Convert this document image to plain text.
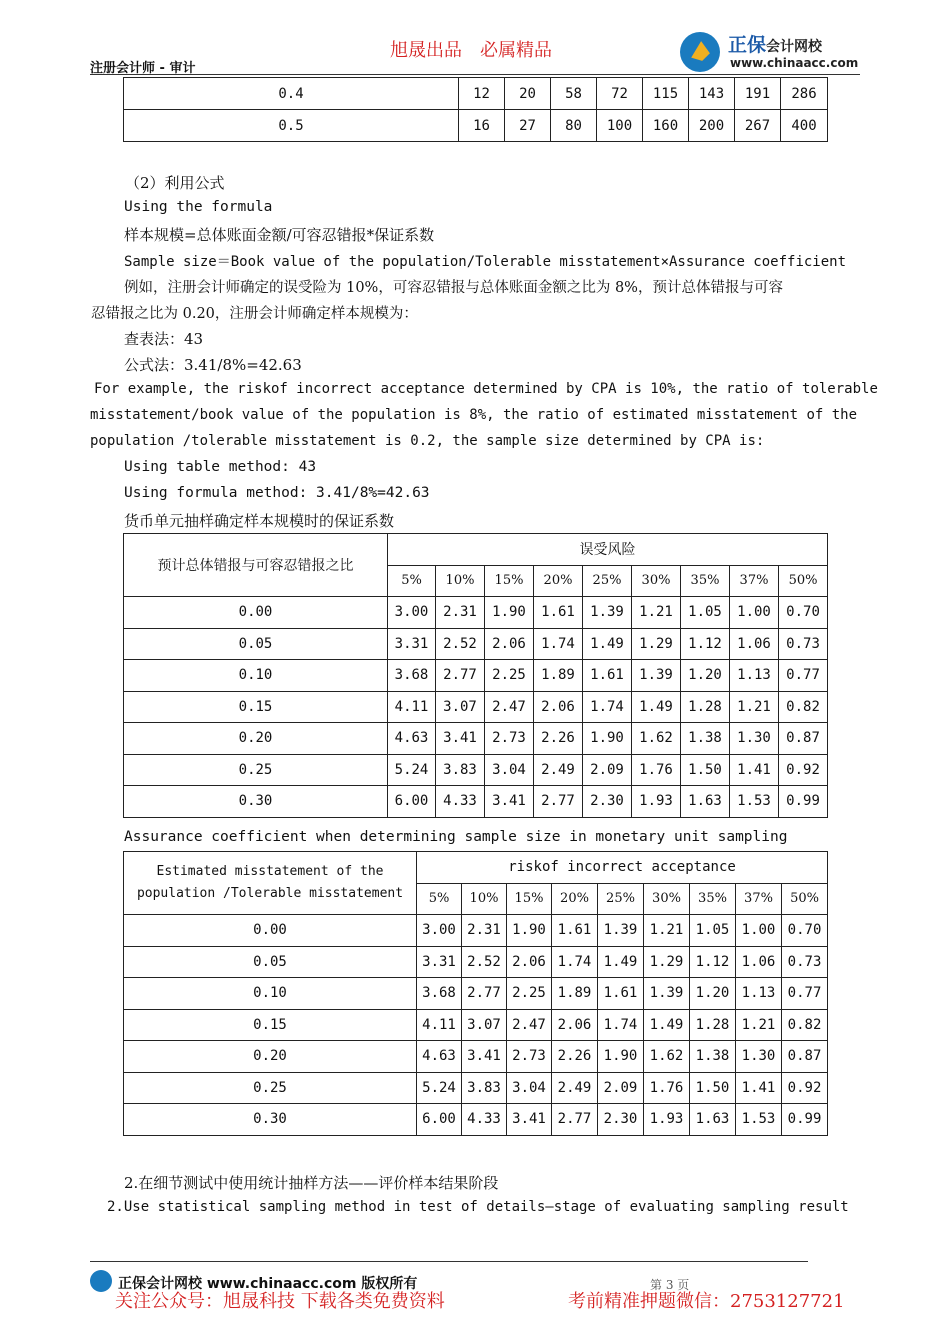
注册会计师 - 审计
旭晟出品　必属精品	正保会计网校
www.chinaacc.com
0.4	12	20	58	72	115	143	191	286
0.5	16	27	80	100	160	200	267	400
（2）利用公式
Using the formula
样本规模=总体账面金额/可容忍错报*保证系数
Sample size＝Book value of the population/Tolerable misstatement×Assurance coefficient
例如，注册会计师确定的误受险为 10%，可容忍错报与总体账面金额之比为 8%，预计总体错报与可容
忍错报之比为 0.20，注册会计师确定样本规模为：
查表法：43
公式法：3.41/8%=42.63
For example, the riskof incorrect acceptance determined by CPA is 10%, the ratio of tolerable
misstatement/book value of the population is 8%, the ratio of estimated misstatement of the
population /tolerable misstatement is 0.2, the sample size determined by CPA is:
Using table method: 43
Using formula method: 3.41/8%=42.63
货币单元抽样确定样本规模时的保证系数
预计总体错报与可容忍错报之比	误受风险								
	5%	10%	15%	20%	25%	30%	35%	37%	50%
0.00	3.00	2.31	1.90	1.61	1.39	1.21	1.05	1.00	0.70
0.05	3.31	2.52	2.06	1.74	1.49	1.29	1.12	1.06	0.73
0.10	3.68	2.77	2.25	1.89	1.61	1.39	1.20	1.13	0.77
0.15	4.11	3.07	2.47	2.06	1.74	1.49	1.28	1.21	0.82
0.20	4.63	3.41	2.73	2.26	1.90	1.62	1.38	1.30	0.87
0.25	5.24	3.83	3.04	2.49	2.09	1.76	1.50	1.41	0.92
0.30	6.00	4.33	3.41	2.77	2.30	1.93	1.63	1.53	0.99
Assurance coefficient when determining sample size in monetary unit sampling
Estimated misstatement of the
population /Tolerable misstatement	riskof incorrect acceptance								
	5%	10%	15%	20%	25%	30%	35%	37%	50%
0.00	3.00	2.31	1.90	1.61	1.39	1.21	1.05	1.00	0.70
0.05	3.31	2.52	2.06	1.74	1.49	1.29	1.12	1.06	0.73
0.10	3.68	2.77	2.25	1.89	1.61	1.39	1.20	1.13	0.77
0.15	4.11	3.07	2.47	2.06	1.74	1.49	1.28	1.21	0.82
0.20	4.63	3.41	2.73	2.26	1.90	1.62	1.38	1.30	0.87
0.25	5.24	3.83	3.04	2.49	2.09	1.76	1.50	1.41	0.92
0.30	6.00	4.33	3.41	2.77	2.30	1.93	1.63	1.53	0.99
2.在细节测试中使用统计抽样方法——评价样本结果阶段
2.Use statistical sampling method in test of details—stage of evaluating sampling result
正保会计网校 www.chinaacc.com 版权所有	第 3 页
关注公众号：旭晟科技 下载各类免费资料	考前精准押题微信：2753127721
